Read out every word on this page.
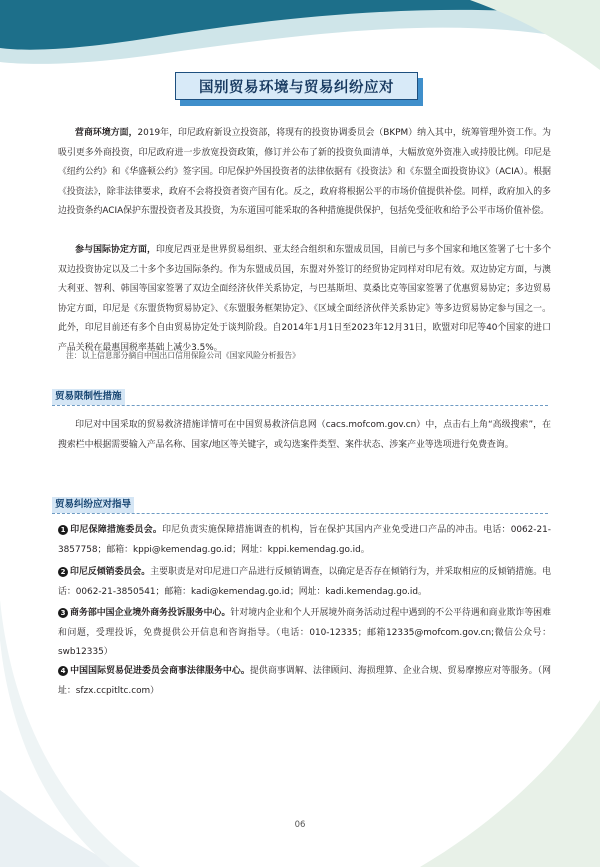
国别贸易环境与贸易纠纷应对

营商环境方面，2019年，印尼政府新设立投资部，将现有的投资协调委员会（BKPM）纳入其中，统筹管理外资工作。为吸引更多外商投资，印尼政府进一步放宽投资政策，修订并公布了新的投资负面清单，大幅放宽外资准入或持股比例。印尼是《纽约公约》和《华盛顿公约》签字国。印尼保护外国投资者的法律依据有《投资法》和《东盟全面投资协议》（ACIA）。根据《投资法》，除非法律要求，政府不会将投资者资产国有化。反之，政府将根据公平的市场价值提供补偿。同样，政府加入的多边投资条约ACIA保护东盟投资者及其投资，为东道国可能采取的各种措施提供保护，包括免受征收和给予公平市场价值补偿。

参与国际协定方面，印度尼西亚是世界贸易组织、亚太经合组织和东盟成员国，目前已与多个国家和地区签署了七十多个双边投资协定以及二十多个多边国际条约。作为东盟成员国，东盟对外签订的经贸协定同样对印尼有效。双边协定方面，与澳大利亚、智利、韩国等国家签署了双边全面经济伙伴关系协定，与巴基斯坦、莫桑比克等国家签署了优惠贸易协定；多边贸易协定方面，印尼是《东盟货物贸易协定》、《东盟服务框架协定》、《区域全面经济伙伴关系协定》等多边贸易协定参与国之一。此外，印尼目前还有多个自由贸易协定处于谈判阶段。自2014年1月1日至2023年12月31日，欧盟对印尼等40个国家的进口产品关税在最惠国税率基础上减少3.5%。

注：以上信息部分摘自中国出口信用保险公司《国家风险分析报告》
贸易限制性措施

印尼对中国采取的贸易救济措施详情可在中国贸易救济信息网（cacs.mofcom.gov.cn）中，点击右上角“高级搜索”，在搜索栏中根据需要输入产品名称、国家/地区等关键字，或勾选案件类型、案件状态、涉案产业等选项进行免费查询。

贸易纠纷应对指导

1 印尼保障措施委员会。印尼负责实施保障措施调查的机构，旨在保护其国内产业免受进口产品的冲击。电话：0062-21-3857758；邮箱：kppi@kemendag.go.id；网址：kppi.kemendag.go.id。

2 印尼反倾销委员会。主要职责是对印尼进口产品进行反倾销调查，以确定是否存在倾销行为，并采取相应的反倾销措施。电话：0062-21-3850541；邮箱：kadi@kemendag.go.id；网址：kadi.kemendag.go.id。

3 商务部中国企业境外商务投诉服务中心。针对境内企业和个人开展境外商务活动过程中遇到的不公平待遇和商业欺诈等困难和问题，受理投诉，免费提供公开信息和咨询指导。（电话：010-12335；邮箱12335@mofcom.gov.cn;微信公众号：swb12335）

4 中国国际贸易促进委员会商事法律服务中心。提供商事调解、法律顾问、海损理算、企业合规、贸易摩擦应对等服务。（网址：sfzx.ccpitltc.com）

06
